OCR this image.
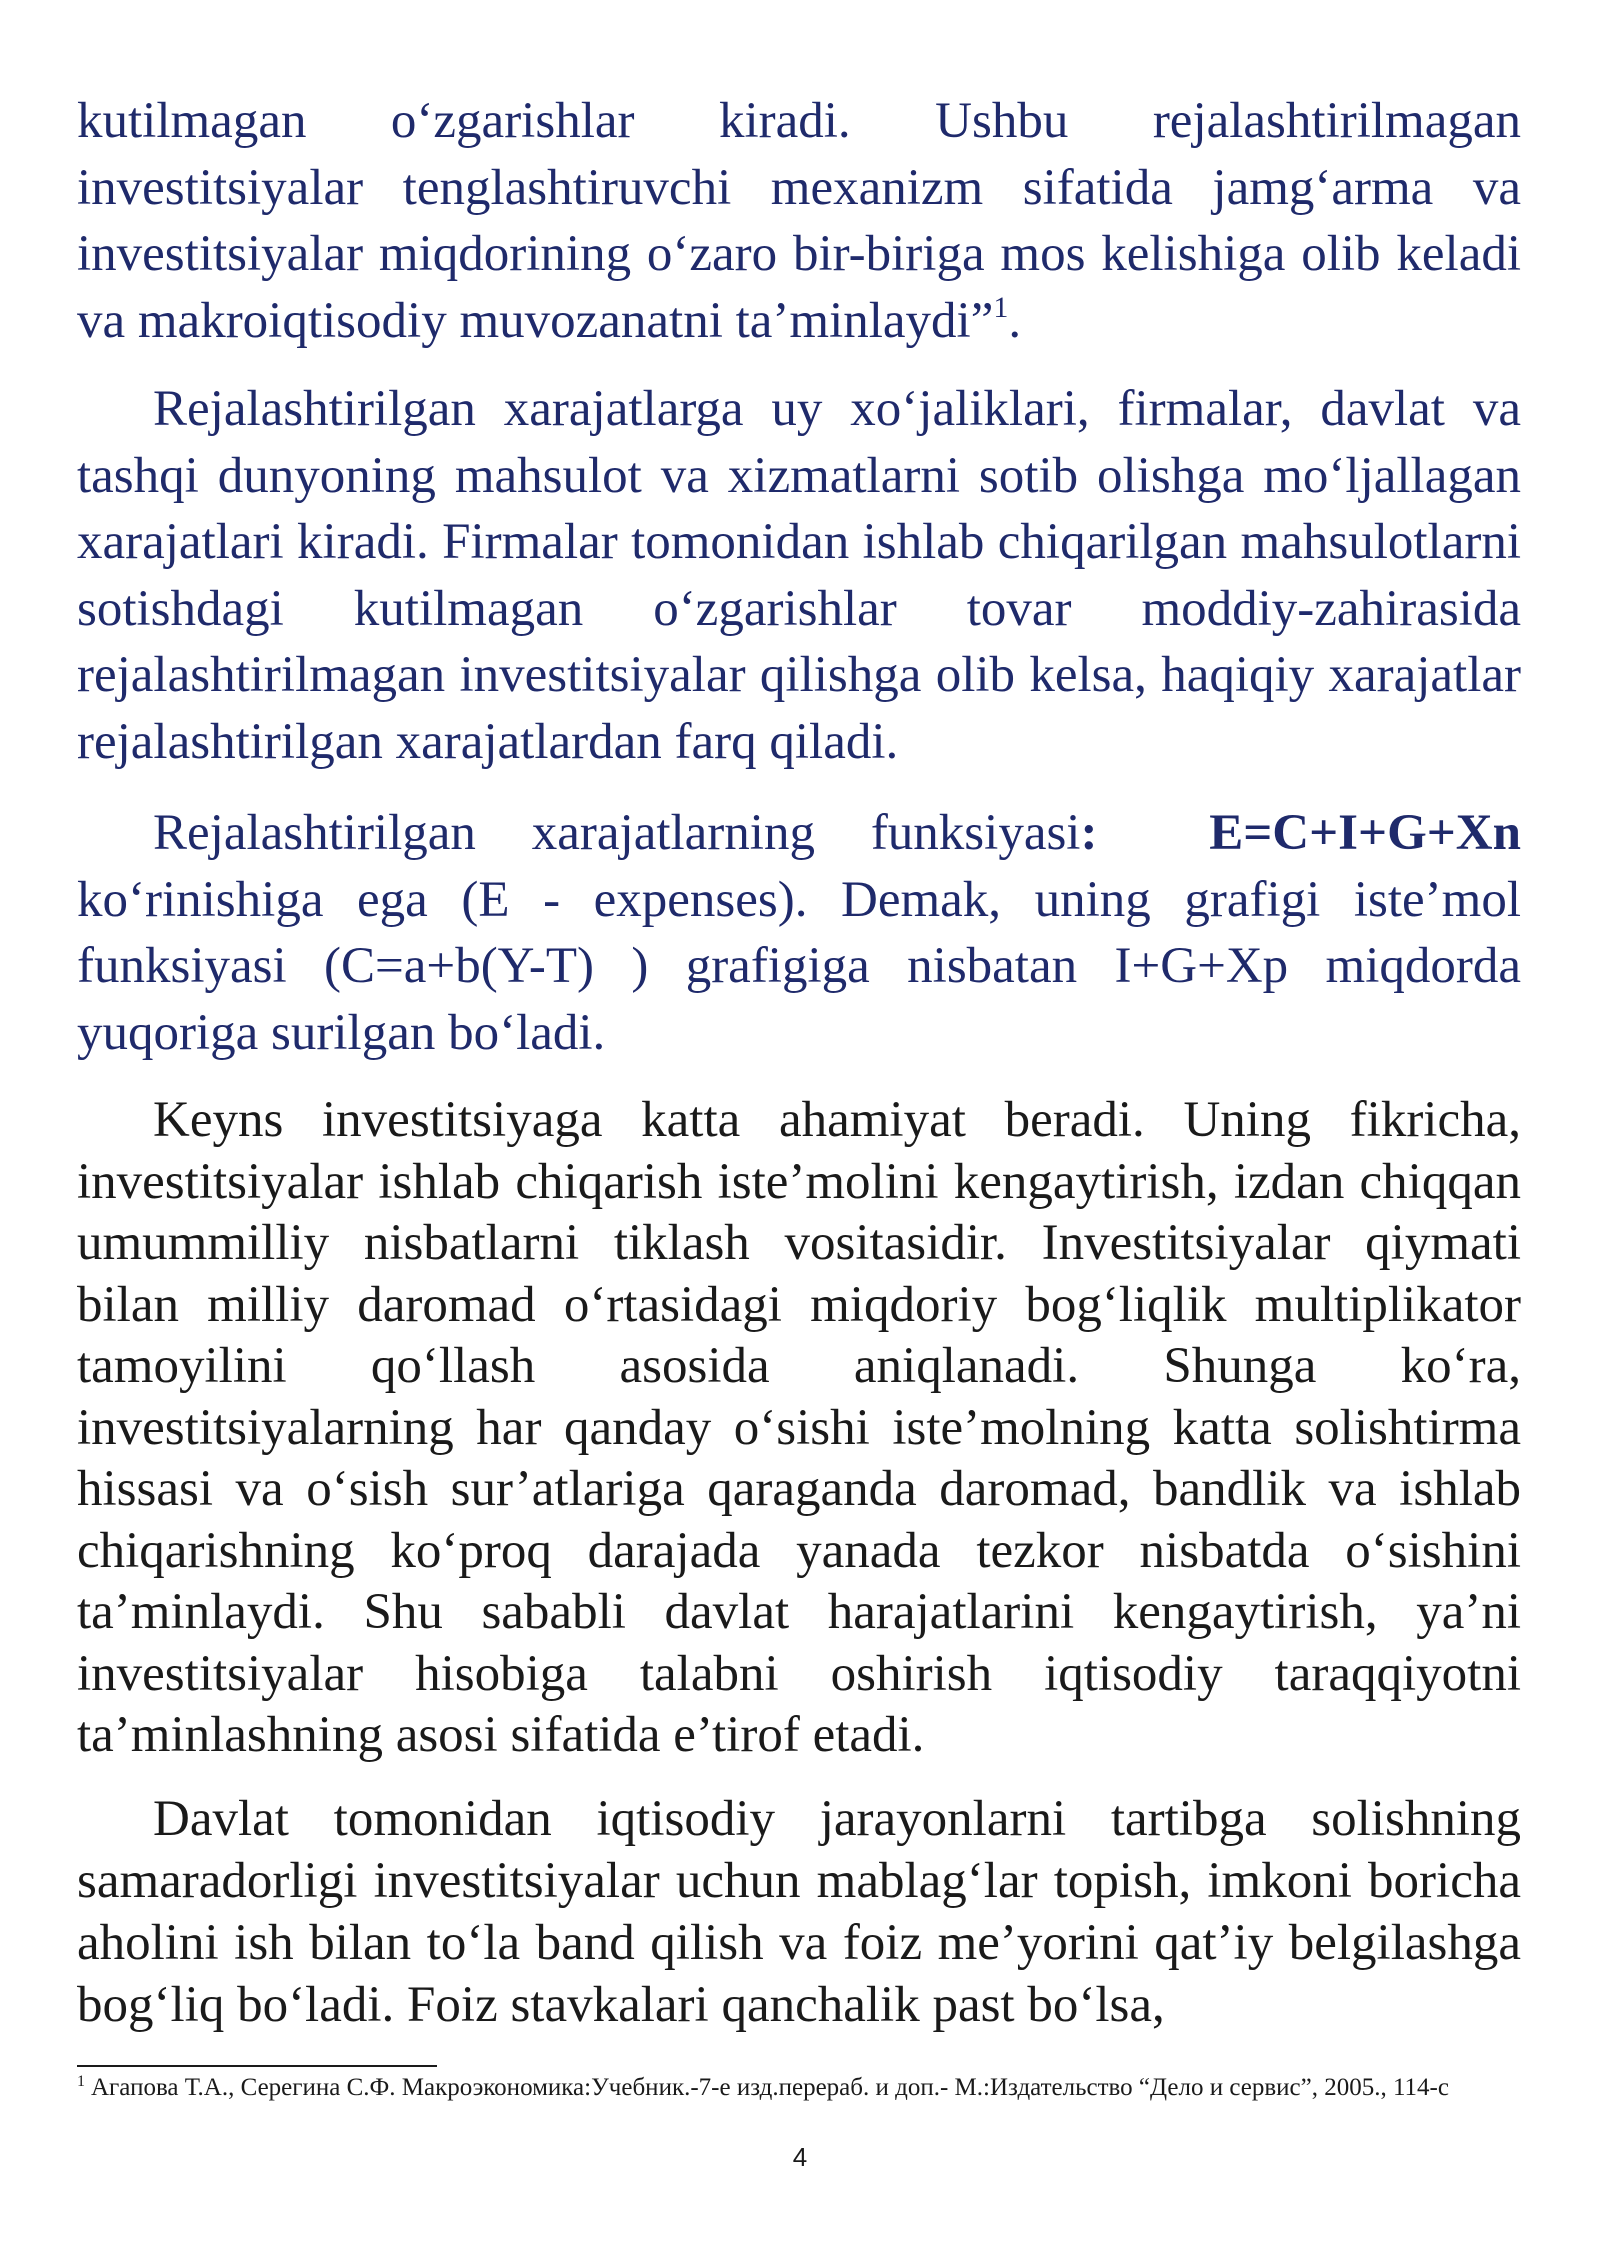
kutilmagan o‘zgarishlar kiradi. Ushbu rejalashtirilmagan investitsiyalar tenglashtiruvchi mexanizm sifatida jamg‘arma va investitsiyalar miqdorining o‘zaro bir-biriga mos kelishiga olib keladi va makroiqtisodiy muvozanatni ta’minlaydi”$^1$.
Rejalashtirilgan xarajatlarga uy xo‘jaliklari, firmalar, davlat va tashqi dunyoning mahsulot va xizmatlarni sotib olishga mo‘ljallagan xarajatlari kiradi. Firmalar tomonidan ishlab chiqarilgan mahsulotlarni sotishdagi kutilmagan o‘zgarishlar tovar moddiy-zahirasida rejalashtirilmagan investitsiyalar qilishga olib kelsa, haqiqiy xarajatlar rejalashtirilgan xarajatlardan farq qiladi.
Rejalashtirilgan xarajatlarning funksiyasi: E=C+I+G+Xn ko‘rinishiga ega (E - expenses). Demak, uning grafigi iste’mol funksiyasi (C=a+b(Y-T) ) grafigiga nisbatan I+G+Xp miqdorda yuqoriga surilgan bo‘ladi.
Keyns investitsiyaga katta ahamiyat beradi. Uning fikricha, investitsiyalar ishlab chiqarish iste’molini kengaytirish, izdan chiqqan umummilliy nisbatlarni tiklash vositasidir. Investitsiyalar qiymati bilan milliy daromad o‘rtasidagi miqdoriy bog‘liqlik multiplikator tamoyilini qo‘llash asosida aniqlanadi. Shunga ko‘ra, investitsiyalarning har qanday o‘sishi iste’molning katta solishtirma hissasi va o‘sish sur’atlariga qaraganda daromad, bandlik va ishlab chiqarishning ko‘proq darajada yanada tezkor nisbatda o‘sishini ta’minlaydi. Shu sababli davlat harajatlarini kengaytirish, ya’ni investitsiyalar hisobiga talabni oshirish iqtisodiy taraqqiyotni ta’minlashning asosi sifatida e’tirof etadi.
Davlat tomonidan iqtisodiy jarayonlarni tartibga solishning samaradorligi investitsiyalar uchun mablag‘lar topish, imkoni boricha aholini ish bilan to‘la band qilish va foiz me’yorini qat’iy belgilashga bog‘liq bo‘ladi. Foiz stavkalari qanchalik past bo‘lsa,
$^1$ Агапова Т.А., Серегина С.Ф. Макроэкономика:Учебник.-7-е изд.перераб. и доп.- М.:Издательство “Дело и сервис”, 2005., 114-с
4
